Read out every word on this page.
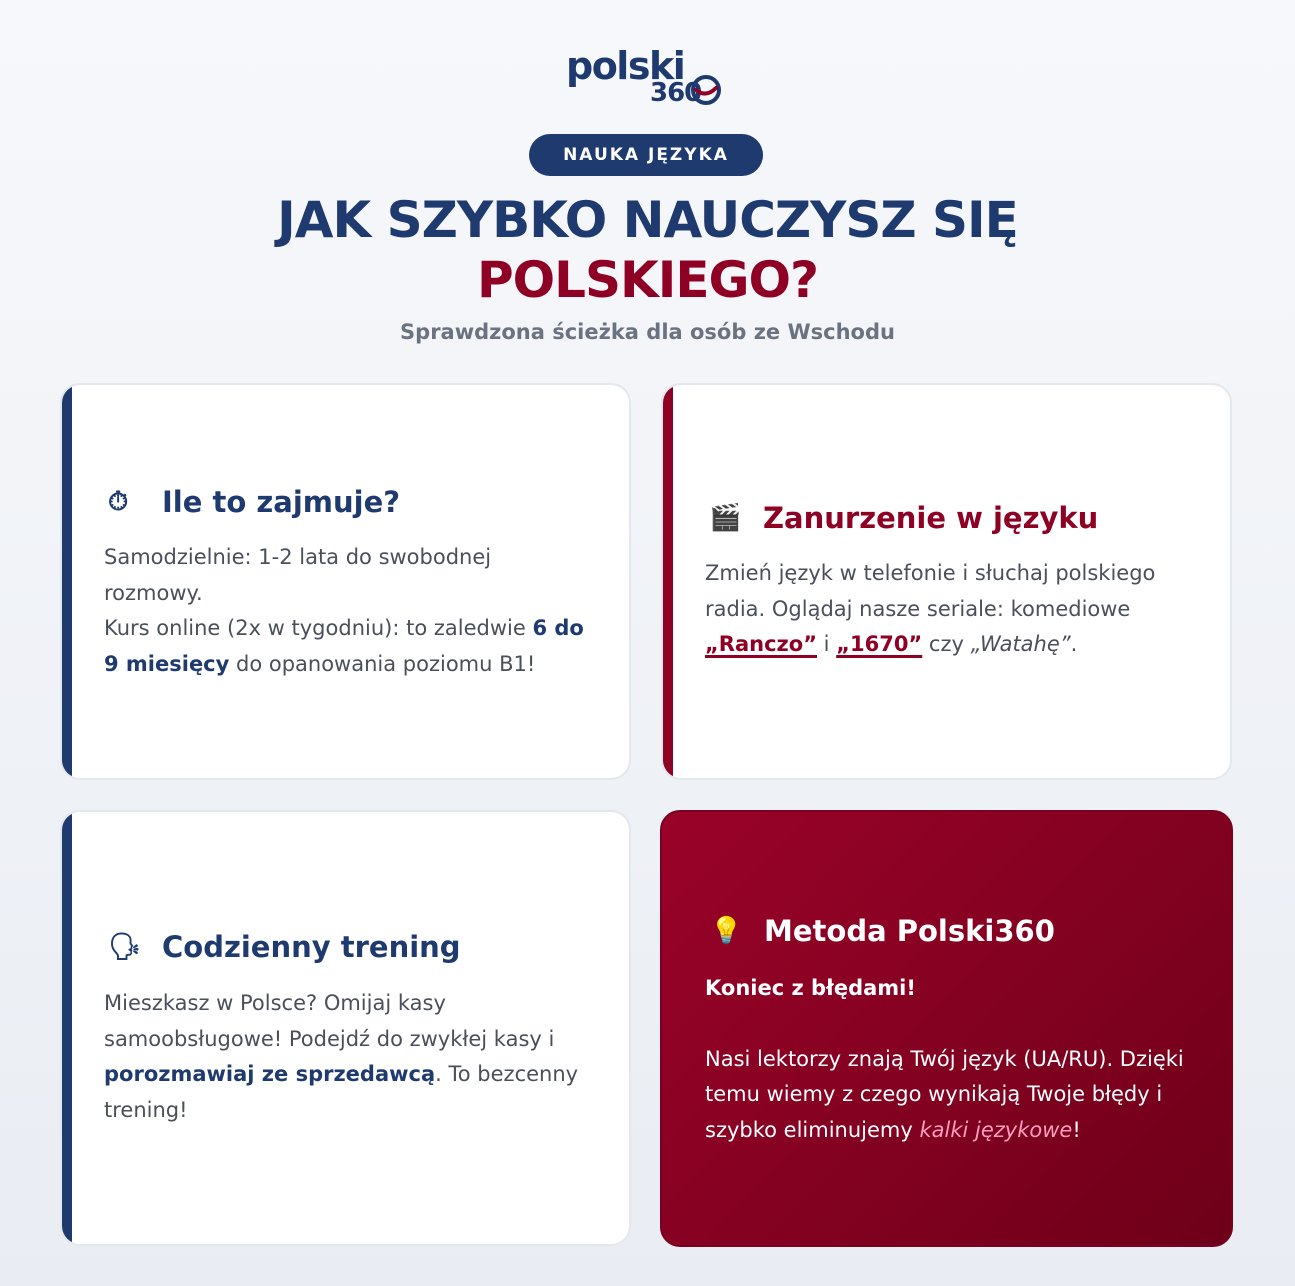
polski
360
NAUKA JĘZYKA
JAK SZYBKO NAUCZYSZ SIĘ
POLSKIEGO?
Sprawdzona ścieżka dla osób ze Wschodu
⏱	Ile to zajmuje?
Samodzielnie: 1-2 lata do swobodnej rozmowy.
Kurs online (2x w tygodniu): to zaledwie 6 do 9 miesięcy do opanowania poziomu B1!
🎬 Zanurzenie w języku
Zmień język w telefonie i słuchaj polskiego radia. Oglądaj nasze seriale: komediowe „Ranczo” i „1670” czy „Watahę”.
🗣 Codzienny trening
Mieszkasz w Polsce? Omijaj kasy samoobsługowe! Podejdź do zwykłej kasy i porozmawiaj ze sprzedawcą. To bezcenny trening!
💡 Metoda Polski360
Koniec z błędami!
Nasi lektorzy znają Twój język (UA/RU). Dzięki temu wiemy z czego wynikają Twoje błędy i szybko eliminujemy kalki językowe!
